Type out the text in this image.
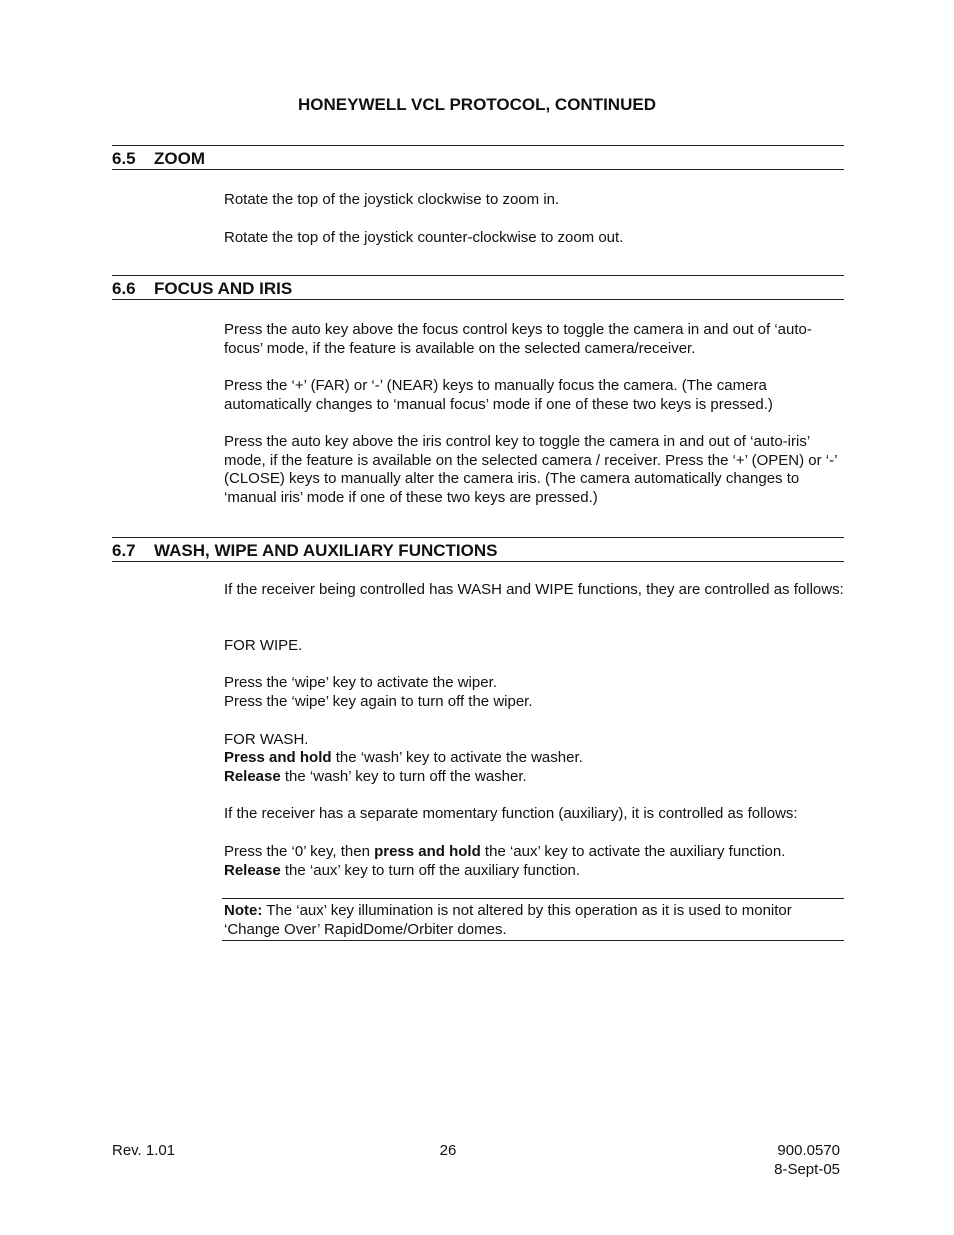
HONEYWELL VCL PROTOCOL, CONTINUED
6.5 ZOOM

Rotate the top of the joystick clockwise to zoom in.

Rotate the top of the joystick counter-clockwise to zoom out.

6.6 FOCUS AND IRIS

Press the auto key above the focus control keys to toggle the camera in and out of ‘auto-focus’ mode, if the feature is available on the selected camera/receiver.

Press the ‘+’ (FAR) or ‘-’ (NEAR) keys to manually focus the camera. (The camera automatically changes to ‘manual focus’ mode if one of these two keys is pressed.)

Press the auto key above the iris control key to toggle the camera in and out of ‘auto-iris’ mode, if the feature is available on the selected camera / receiver. Press the ‘+’ (OPEN) or ‘-’ (CLOSE) keys to manually alter the camera iris. (The camera automatically changes to ‘manual iris’ mode if one of these two keys are pressed.)

6.7 WASH, WIPE AND AUXILIARY FUNCTIONS

If the receiver being controlled has WASH and WIPE functions, they are controlled as follows:

FOR WIPE.

Press the ‘wipe’ key to activate the wiper.

Press the ‘wipe’ key again to turn off the wiper.

FOR WASH.

Press and hold the ‘wash’ key to activate the washer.

Release the ‘wash’ key to turn off the washer.

If the receiver has a separate momentary function (auxiliary), it is controlled as follows:

Press the ‘0’ key, then press and hold the ‘aux’ key to activate the auxiliary function.

Release the ‘aux’ key to turn off the auxiliary function.

Note: The ‘aux’ key illumination is not altered by this operation as it is used to monitor ‘Change Over’ RapidDome/Orbiter domes.

Rev. 1.01	26	900.0570
8-Sept-05
